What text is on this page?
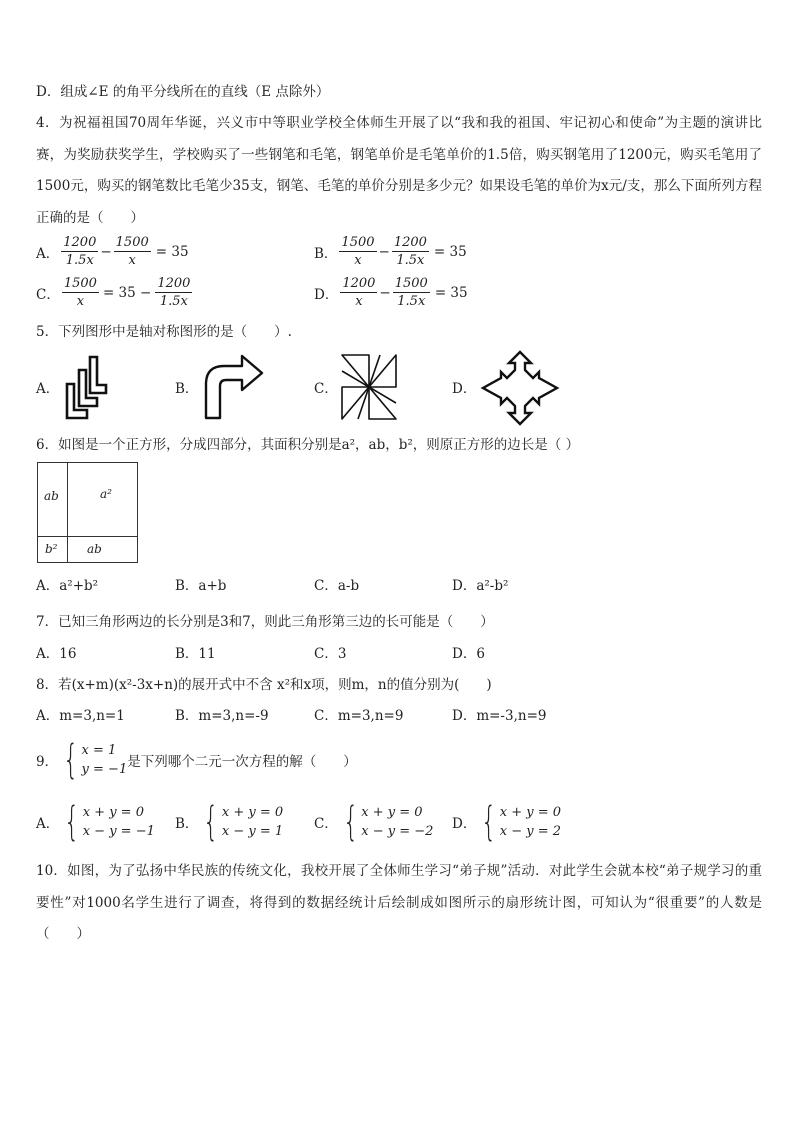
D．组成∠E 的角平分线所在的直线（E 点除外）
4．为祝福祖国70周年华诞，兴义市中等职业学校全体师生开展了以“我和我的祖国、牢记初心和使命”为主题的演讲比赛，为奖励获奖学生，学校购买了一些钢笔和毛笔，钢笔单价是毛笔单价的1.5倍，购买钢笔用了1200元，购买毛笔用了1500元，购买的钢笔数比毛笔少35支，钢笔、毛笔的单价分别是多少元？如果设毛笔的单价为x元/支，那么下面所列方程正确的是（　　）
A． $\frac{1200}{1.5x} - \frac{1500}{x} = 35$	B． $\frac{1500}{x} - \frac{1200}{1.5x} = 35$
C． $\frac{1500}{x} = 35 - \frac{1200}{1.5x}$	D． $\frac{1200}{x} - \frac{1500}{1.5x} = 35$
5．下列图形中是轴对称图形的是（　　）.
A．	B．	C．	D．
6．如图是一个正方形，分成四部分，其面积分别是a²，ab，b²，则原正方形的边长是（ ）
ab	a²
b² ab
A．a²+b²	B．a+b	C．a-b	D．a²-b²
7．已知三角形两边的长分别是3和7，则此三角形第三边的长可能是（　　）
A．16	B．11	C．3	D．6
8．若(x+m)(x²-3x+n)的展开式中不含 x²和x项，则m，n的值分别为(　　)
A．m=3,n=1	B．m=3,n=-9	C．m=3,n=9	D．m=-3,n=9
9． { x = 1
y = −1 是下列哪个二元一次方程的解（　　）
A． { x + y = 0
x − y = −1 B． { x + y = 0
x − y = 1 C． { x + y = 0
x − y = −2 D． { x + y = 0
x − y = 2
10．如图，为了弘扬中华民族的传统文化，我校开展了全体师生学习“弟子规”活动．对此学生会就本校“弟子规学习的重要性”对1000名学生进行了调查，将得到的数据经统计后绘制成如图所示的扇形统计图，可知认为“很重要”的人数是（　　）
